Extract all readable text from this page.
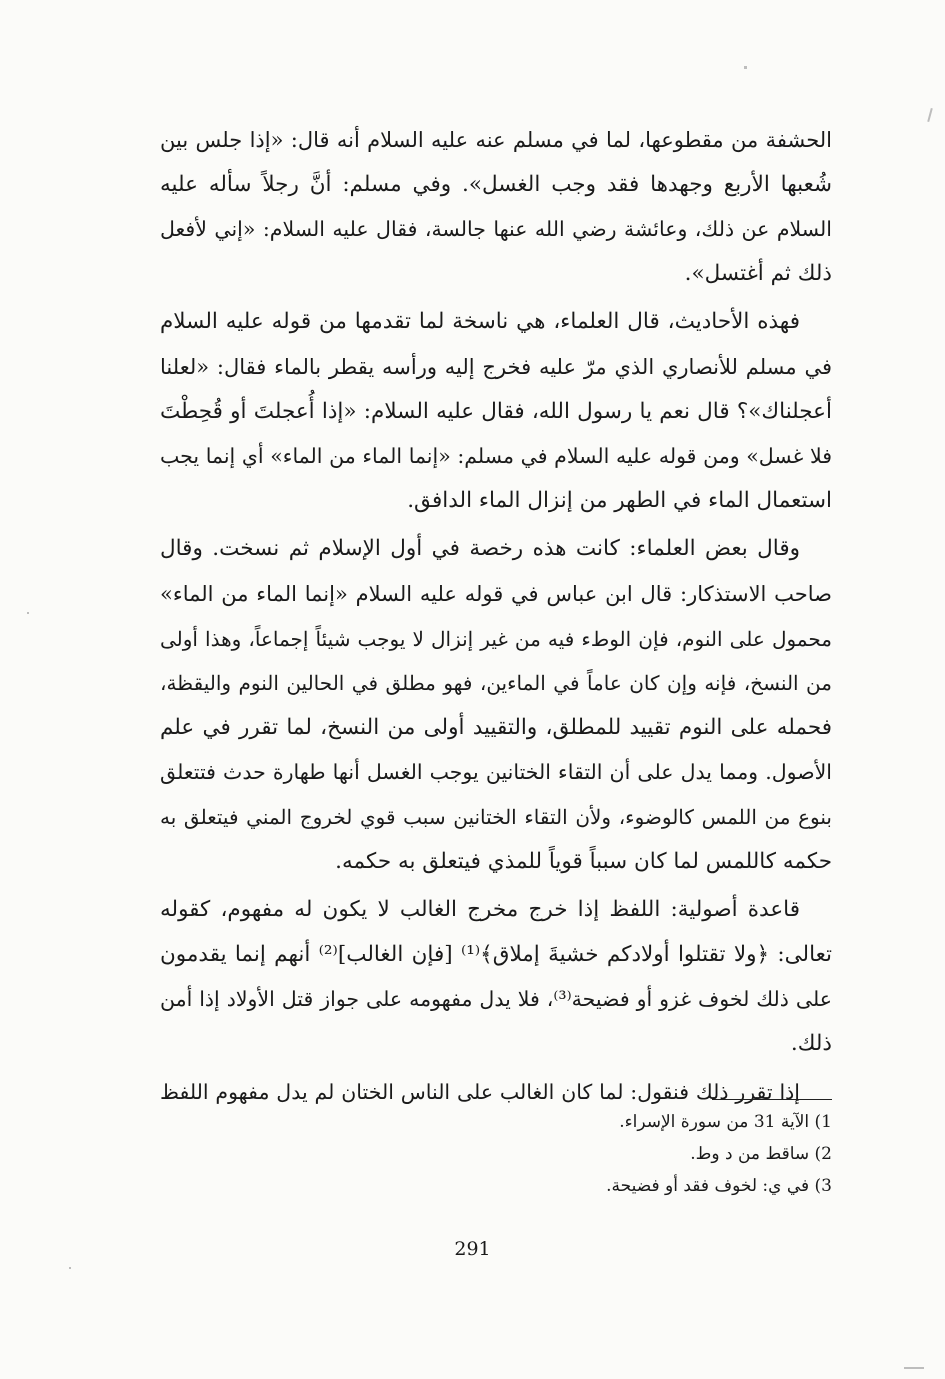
الحشفة من مقطوعها، لما في مسلم عنه عليه السلام أنه قال: «إذا جلس بين
شُعبها الأربع وجهدها فقد وجب الغسل». وفي مسلم: أنَّ رجلاً سأله عليه
السلام عن ذلك، وعائشة رضي الله عنها جالسة، فقال عليه السلام: «إني لأفعل
ذلك ثم أغتسل».

فهذه الأحاديث، قال العلماء، هي ناسخة لما تقدمها من قوله عليه السلام
في مسلم للأنصاري الذي مرّ عليه فخرج إليه ورأسه يقطر بالماء فقال: «لعلنا
أعجلناك»؟ قال نعم يا رسول الله، فقال عليه السلام: «إذا أُعجلتَ أو قُحِطْتَ
فلا غسل» ومن قوله عليه السلام في مسلم: «إنما الماء من الماء» أي إنما يجب
استعمال الماء في الطهر من إنزال الماء الدافق.

وقال بعض العلماء: كانت هذه رخصة في أول الإسلام ثم نسخت. وقال
صاحب الاستذكار: قال ابن عباس في قوله عليه السلام «إنما الماء من الماء»
محمول على النوم، فإن الوطء فيه من غير إنزال لا يوجب شيئاً إجماعاً، وهذا أولى
من النسخ، فإنه وإن كان عاماً في الماءين، فهو مطلق في الحالين النوم واليقظة،
فحمله على النوم تقييد للمطلق، والتقييد أولى من النسخ، لما تقرر في علم
الأصول. ومما يدل على أن التقاء الختانين يوجب الغسل أنها طهارة حدث فتتعلق
بنوع من اللمس كالوضوء، ولأن التقاء الختانين سبب قوي لخروج المني فيتعلق به
حكمه كاللمس لما كان سبباً قوياً للمذي فيتعلق به حكمه.

قاعدة أصولية: اللفظ إذا خرج مخرج الغالب لا يكون له مفهوم، كقوله
تعالى: ﴿ولا تقتلوا أولادكم خشيةَ إملاق﴾⁽¹⁾ [فإن الغالب]⁽²⁾ أنهم إنما يقدمون
على ذلك لخوف غزو أو فضيحة⁽³⁾، فلا يدل مفهومه على جواز قتل الأولاد إذا أمن
ذلك.

إذا تقرر ذلك فنقول: لما كان الغالب على الناس الختان لم يدل مفهوم اللفظ

1) الآية 31 من سورة الإسراء.
2) ساقط من د وط.
3) في ي: لخوف فقد أو فضيحة.
291
